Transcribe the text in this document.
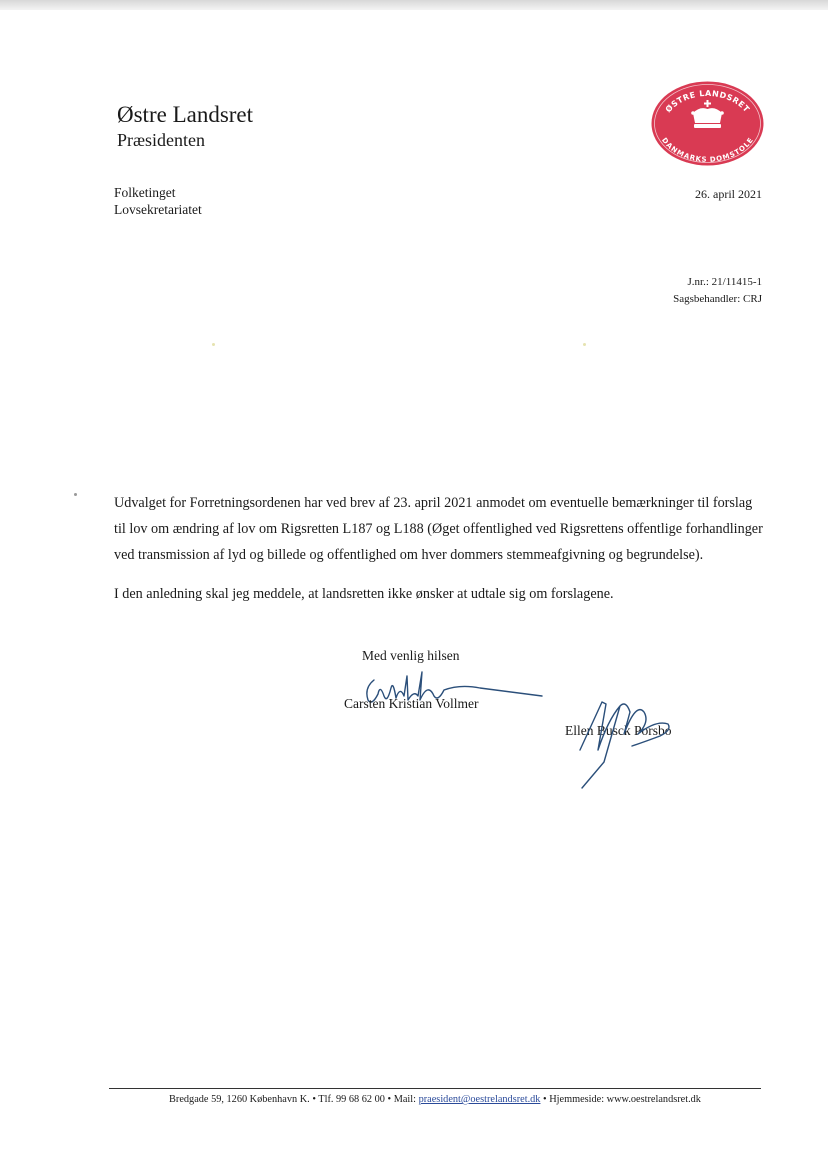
Østre Landsret
Præsidenten
ØSTRE LANDSRET
DANMARKS DOMSTOLE
Folketinget
Lovsekretariatet
26. april 2021
J.nr.: 21/11415-1
Sagsbehandler: CRJ

Udvalget for Forretningsordenen har ved brev af 23. april 2021 anmodet om eventuelle bemærkninger til forslag til lov om ændring af lov om Rigsretten L187 og L188 (Øget offentlighed ved Rigsrettens offentlige forhandlinger ved transmission af lyd og billede og offentlighed om hver dommers stemmeafgivning og begrundelse).

I den anledning skal jeg meddele, at landsretten ikke ønsker at udtale sig om forslagene.

Med venlig hilsen
Carsten Kristian Vollmer
Ellen Busck Porsbo
Bredgade 59, 1260 København K. • Tlf. 99 68 62 00 • Mail: praesident@oestrelandsret.dk • Hjemmeside: www.oestrelandsret.dk
